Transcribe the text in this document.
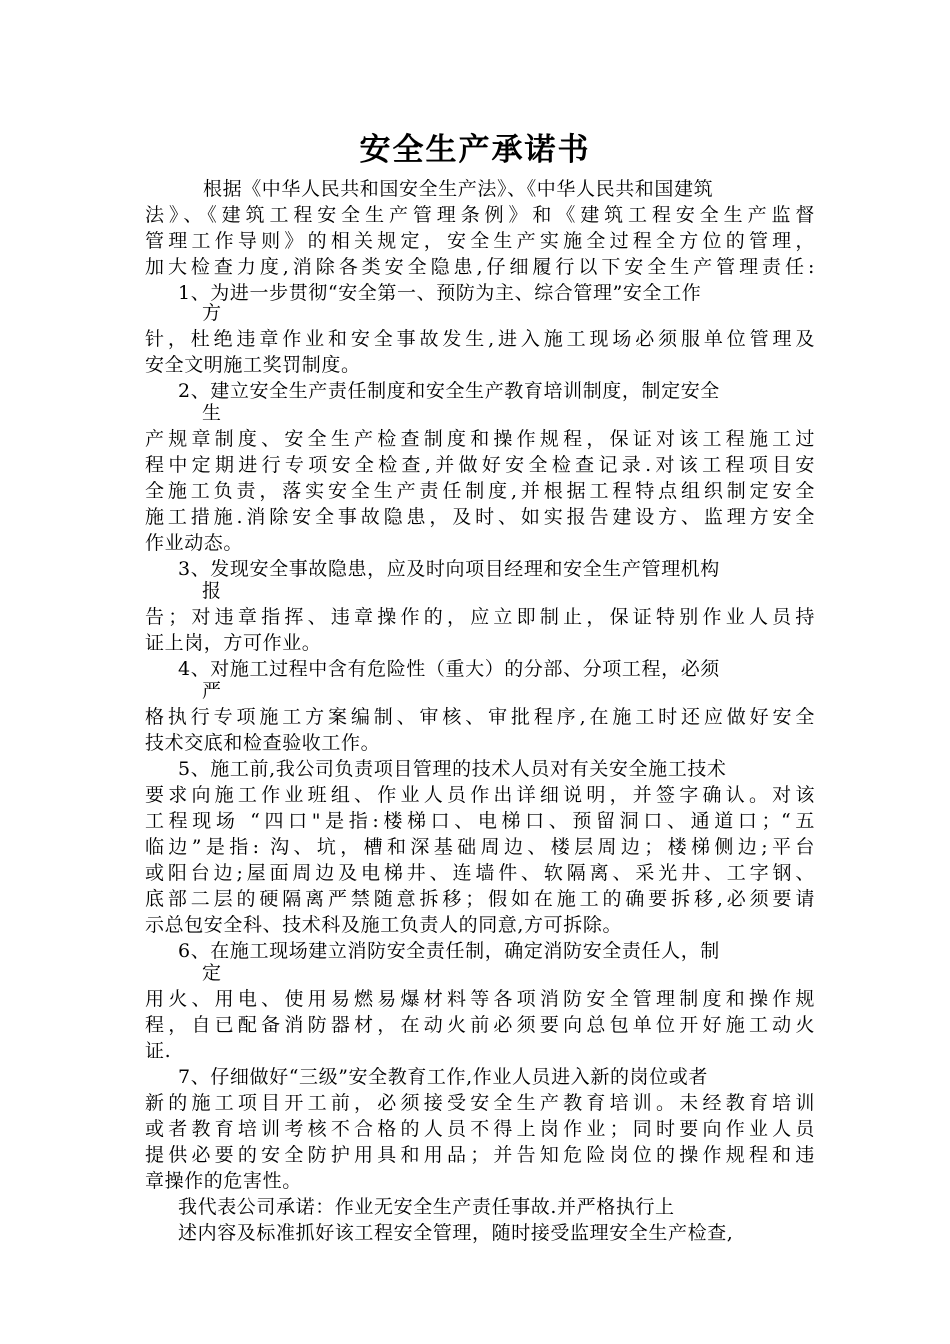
安全生产承诺书
根据《中华人民共和国安全生产法》、《中华人民共和国建筑
法》、《建筑工程安全生产管理条例》和《建筑工程安全生产监督
管理工作导则》的相关规定，安全生产实施全过程全方位的管理，
加大检查力度,消除各类安全隐患,仔细履行以下安全生产管理责任:
1、为进一步贯彻“安全第一、预防为主、综合管理”安全工作
方
针，杜绝违章作业和安全事故发生,进入施工现场必须服单位管理及
安全文明施工奖罚制度。
2、建立安全生产责任制度和安全生产教育培训制度，制定安全
生
产规章制度、安全生产检查制度和操作规程，保证对该工程施工过
程中定期进行专项安全检查,并做好安全检查记录.对该工程项目安
全施工负责，落实安全生产责任制度,并根据工程特点组织制定安全
施工措施.消除安全事故隐患，及时、如实报告建设方、监理方安全
作业动态。
3、发现安全事故隐患，应及时向项目经理和安全生产管理机构
报
告；对违章指挥、违章操作的，应立即制止，保证特别作业人员持
证上岗，方可作业。
4、对施工过程中含有危险性（重大）的分部、分项工程，必须
严
格执行专项施工方案编制、审核、审批程序,在施工时还应做好安全
技术交底和检查验收工作。
5、施工前,我公司负责项目管理的技术人员对有关安全施工技术
要求向施工作业班组、作业人员作出详细说明，并签字确认。对该
工程现场 “四口"是指:楼梯口、电梯口、预留洞口、通道口；“五
临边”是指: 沟、坑，槽和深基础周边、楼层周边；楼梯侧边;平台
或阳台边;屋面周边及电梯井、连墙件、软隔离、采光井、工字钢、
底部二层的硬隔离严禁随意拆移；假如在施工的确要拆移,必须要请
示总包安全科、技术科及施工负责人的同意,方可拆除。
6、在施工现场建立消防安全责任制，确定消防安全责任人，制
定
用火、用电、使用易燃易爆材料等各项消防安全管理制度和操作规
程，自已配备消防器材，在动火前必须要向总包单位开好施工动火
证.
7、仔细做好“三级”安全教育工作,作业人员进入新的岗位或者
新的施工项目开工前，必须接受安全生产教育培训。未经教育培训
或者教育培训考核不合格的人员不得上岗作业；同时要向作业人员
提供必要的安全防护用具和用品；并告知危险岗位的操作规程和违
章操作的危害性。
我代表公司承诺：作业无安全生产责任事故.并严格执行上
述内容及标准抓好该工程安全管理，随时接受监理安全生产检查,
